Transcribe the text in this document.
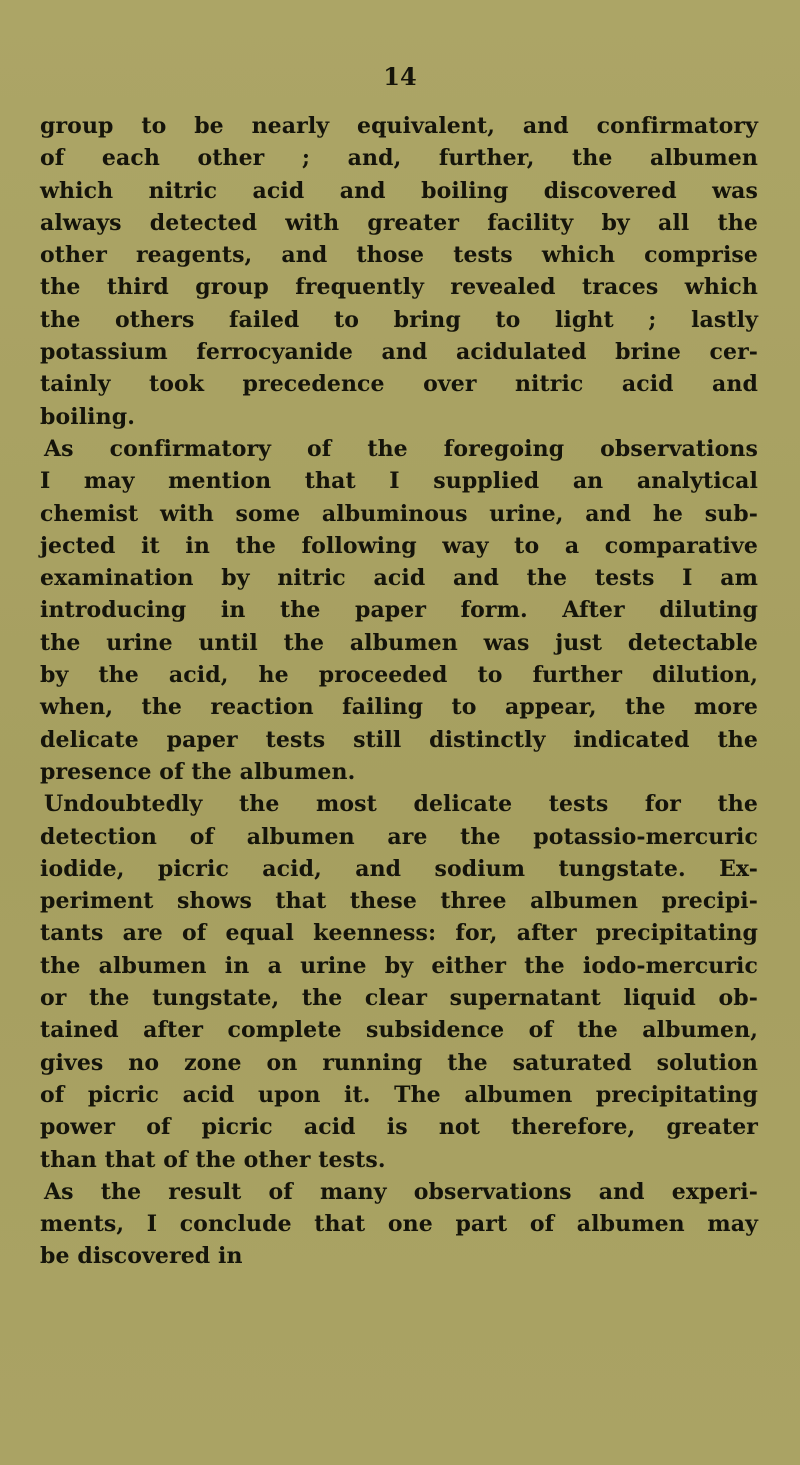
14
group to be nearly equivalent, and confirmatory
of each other ; and, further, the albumen
which nitric acid and boiling discovered was
always detected with greater facility by all the
other reagents, and those tests which comprise
the third group frequently revealed traces which
the others failed to bring to light ; lastly
potassium ferrocyanide and acidulated brine cer-
tainly took precedence over nitric acid and
boiling.
As confirmatory of the foregoing observations
I may mention that I supplied an analytical
chemist with some albuminous urine, and he sub-
jected it in the following way to a comparative
examination by nitric acid and the tests I am
introducing in the paper form. After diluting
the urine until the albumen was just detectable
by the acid, he proceeded to further dilution,
when, the reaction failing to appear, the more
delicate paper tests still distinctly indicated the
presence of the albumen.
Undoubtedly the most delicate tests for the
detection of albumen are the potassio-mercuric
iodide, picric acid, and sodium tungstate. Ex-
periment shows that these three albumen precipi-
tants are of equal keenness: for, after precipitating
the albumen in a urine by either the iodo-mercuric
or the tungstate, the clear supernatant liquid ob-
tained after complete subsidence of the albumen,
gives no zone on running the saturated solution
of picric acid upon it. The albumen precipitating
power of picric acid is not therefore, greater
than that of the other tests.
As the result of many observations and experi-
ments, I conclude that one part of albumen may
be discovered in
